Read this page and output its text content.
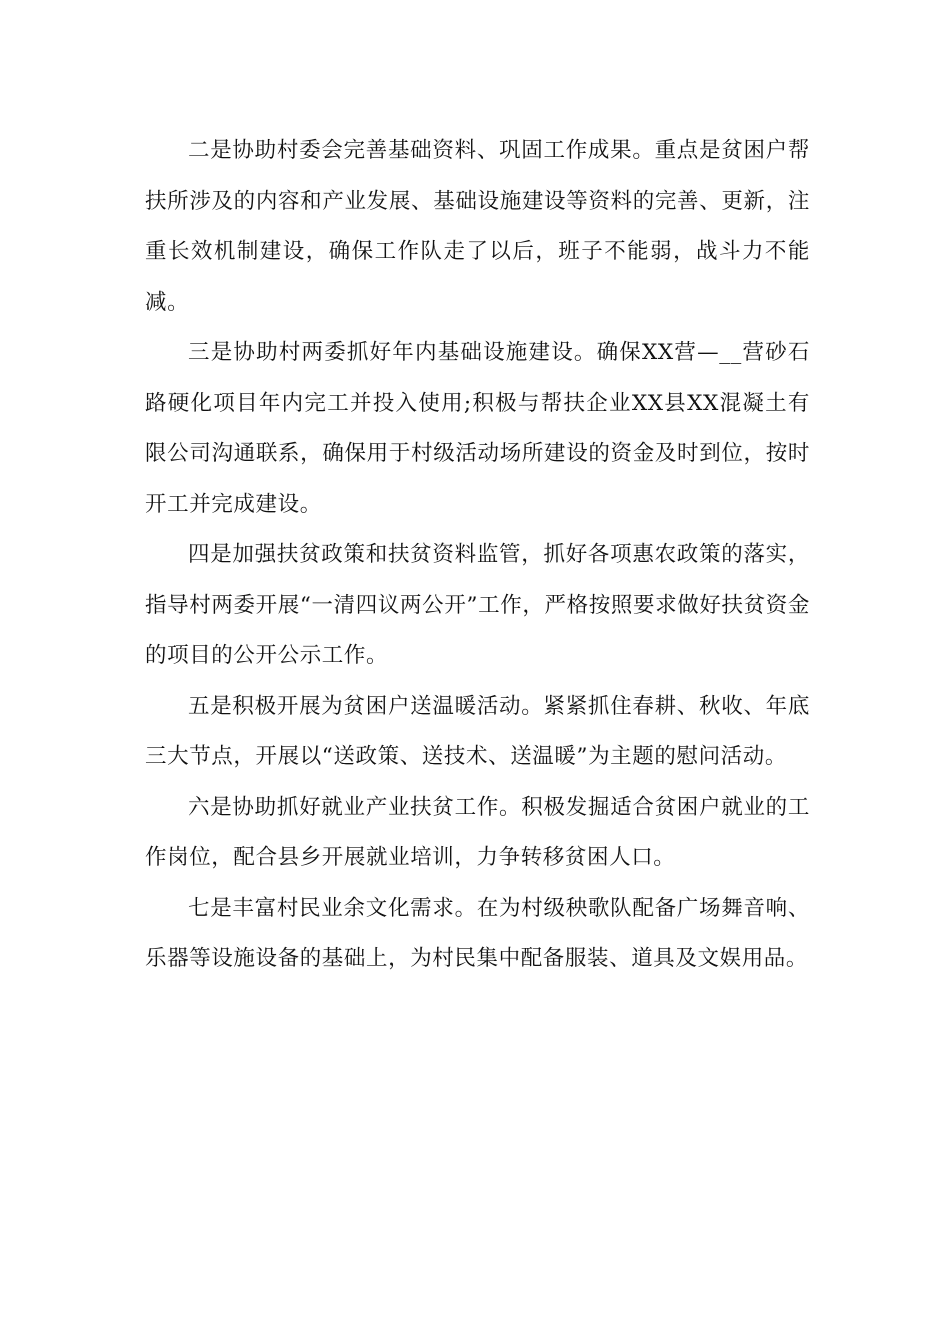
二是协助村委会完善基础资料、巩固工作成果。重点是贫困户帮扶所涉及的内容和产业发展、基础设施建设等资料的完善、更新，注重长效机制建设，确保工作队走了以后，班子不能弱，战斗力不能减。

三是协助村两委抓好年内基础设施建设。确保XX营—__营砂石路硬化项目年内完工并投入使用;积极与帮扶企业XX县XX混凝土有限公司沟通联系，确保用于村级活动场所建设的资金及时到位，按时开工并完成建设。

四是加强扶贫政策和扶贫资料监管，抓好各项惠农政策的落实，指导村两委开展“一清四议两公开”工作，严格按照要求做好扶贫资金的项目的公开公示工作。

五是积极开展为贫困户送温暖活动。紧紧抓住春耕、秋收、年底三大节点，开展以“送政策、送技术、送温暖”为主题的慰问活动。

六是协助抓好就业产业扶贫工作。积极发掘适合贫困户就业的工作岗位，配合县乡开展就业培训，力争转移贫困人口。

七是丰富村民业余文化需求。在为村级秧歌队配备广场舞音响、乐器等设施设备的基础上，为村民集中配备服装、道具及文娱用品。
